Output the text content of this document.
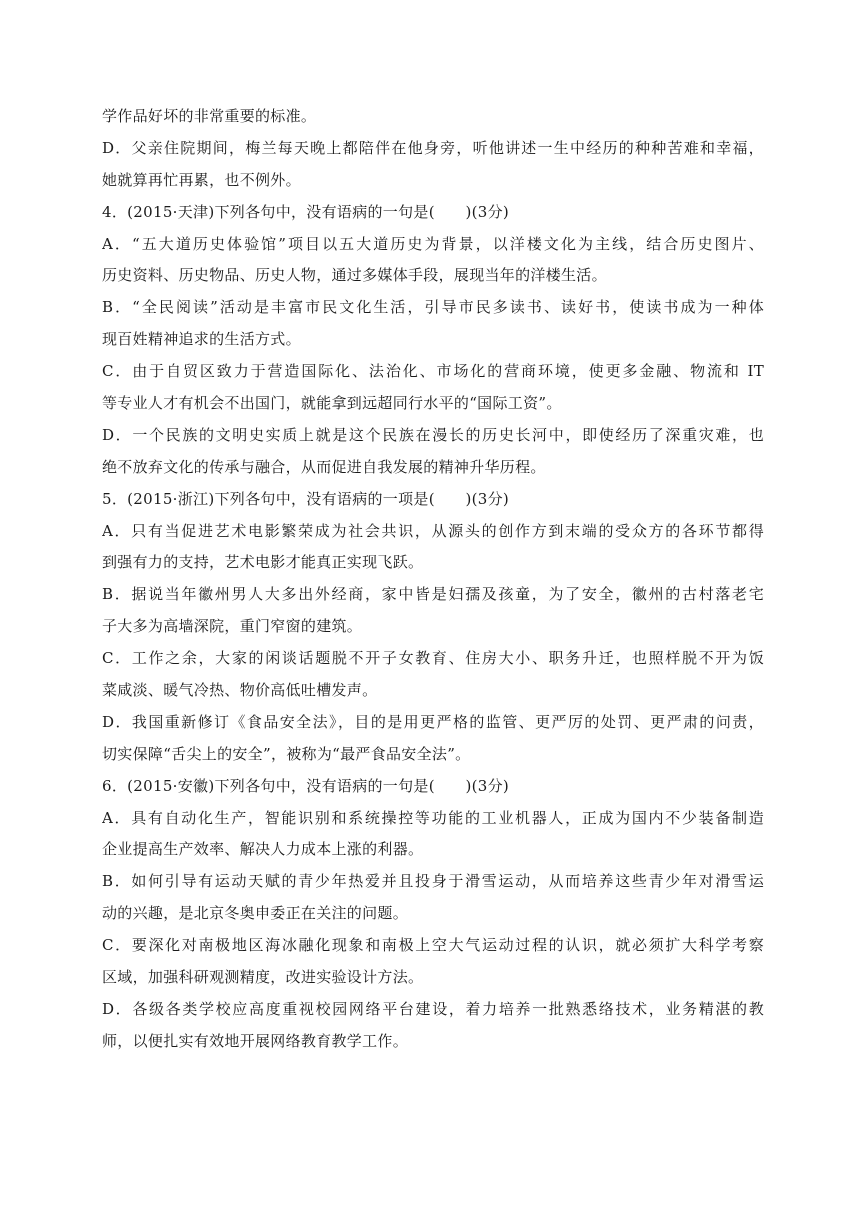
学作品好坏的非常重要的标准。
D．父亲住院期间，梅兰每天晚上都陪伴在他身旁，听他讲述一生中经历的种种苦难和幸福，
她就算再忙再累，也不例外。
4．(2015·天津)下列各句中，没有语病的一句是(　　)(3分)
A．“五大道历史体验馆”项目以五大道历史为背景，以洋楼文化为主线，结合历史图片、
历史资料、历史物品、历史人物，通过多媒体手段，展现当年的洋楼生活。
B．“全民阅读”活动是丰富市民文化生活，引导市民多读书、读好书，使读书成为一种体
现百姓精神追求的生活方式。
C．由于自贸区致力于营造国际化、法治化、市场化的营商环境，使更多金融、物流和 IT
等专业人才有机会不出国门，就能拿到远超同行水平的“国际工资”。
D．一个民族的文明史实质上就是这个民族在漫长的历史长河中，即使经历了深重灾难，也
绝不放弃文化的传承与融合，从而促进自我发展的精神升华历程。
5．(2015·浙江)下列各句中，没有语病的一项是(　　)(3分)
A．只有当促进艺术电影繁荣成为社会共识，从源头的创作方到末端的受众方的各环节都得
到强有力的支持，艺术电影才能真正实现飞跃。
B．据说当年徽州男人大多出外经商，家中皆是妇孺及孩童，为了安全，徽州的古村落老宅
子大多为高墙深院，重门窄窗的建筑。
C．工作之余，大家的闲谈话题脱不开子女教育、住房大小、职务升迁，也照样脱不开为饭
菜咸淡、暖气冷热、物价高低吐槽发声。
D．我国重新修订《食品安全法》，目的是用更严格的监管、更严厉的处罚、更严肃的问责，
切实保障“舌尖上的安全”，被称为“最严食品安全法”。
6．(2015·安徽)下列各句中，没有语病的一句是(　　)(3分)
A．具有自动化生产，智能识别和系统操控等功能的工业机器人，正成为国内不少装备制造
企业提高生产效率、解决人力成本上涨的利器。
B．如何引导有运动天赋的青少年热爱并且投身于滑雪运动，从而培养这些青少年对滑雪运
动的兴趣，是北京冬奥申委正在关注的问题。
C．要深化对南极地区海冰融化现象和南极上空大气运动过程的认识，就必须扩大科学考察
区域，加强科研观测精度，改进实验设计方法。
D．各级各类学校应高度重视校园网络平台建设，着力培养一批熟悉络技术，业务精湛的教
师，以便扎实有效地开展网络教育教学工作。
